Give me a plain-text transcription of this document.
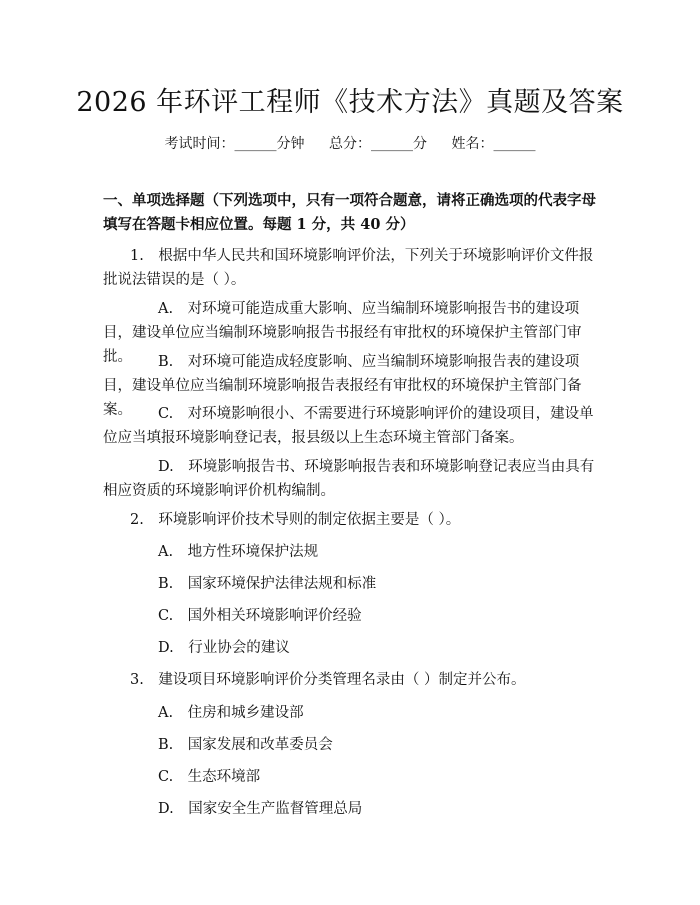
2026 年环评工程师《技术方法》真题及答案
考试时间：______分钟 总分：______分 姓名：______
一、单项选择题（下列选项中，只有一项符合题意，请将正确选项的代表字母填写在答题卡相应位置。每题 1 分，共 40 分）
1.　根据中华人民共和国环境影响评价法，下列关于环境影响评价文件报批说法错误的是（ ）。
A.　对环境可能造成重大影响、应当编制环境影响报告书的建设项目，建设单位应当编制环境影响报告书报经有审批权的环境保护主管部门审批。	B.　对环境可能造成轻度影响、应当编制环境影响报告表的建设项目，建设单位应当编制环境影响报告表报经有审批权的环境保护主管部门备案。	C.　对环境影响很小、不需要进行环境影响评价的建设项目，建设单位应当填报环境影响登记表，报县级以上生态环境主管部门备案。
D.　环境影响报告书、环境影响报告表和环境影响登记表应当由具有相应资质的环境影响评价机构编制。
2.　环境影响评价技术导则的制定依据主要是（ ）。
A.　地方性环境保护法规
B.　国家环境保护法律法规和标准
C.　国外相关环境影响评价经验
D.　行业协会的建议
3.　建设项目环境影响评价分类管理名录由（ ）制定并公布。
A.　住房和城乡建设部
B.　国家发展和改革委员会
C.　生态环境部
D.　国家安全生产监督管理总局
